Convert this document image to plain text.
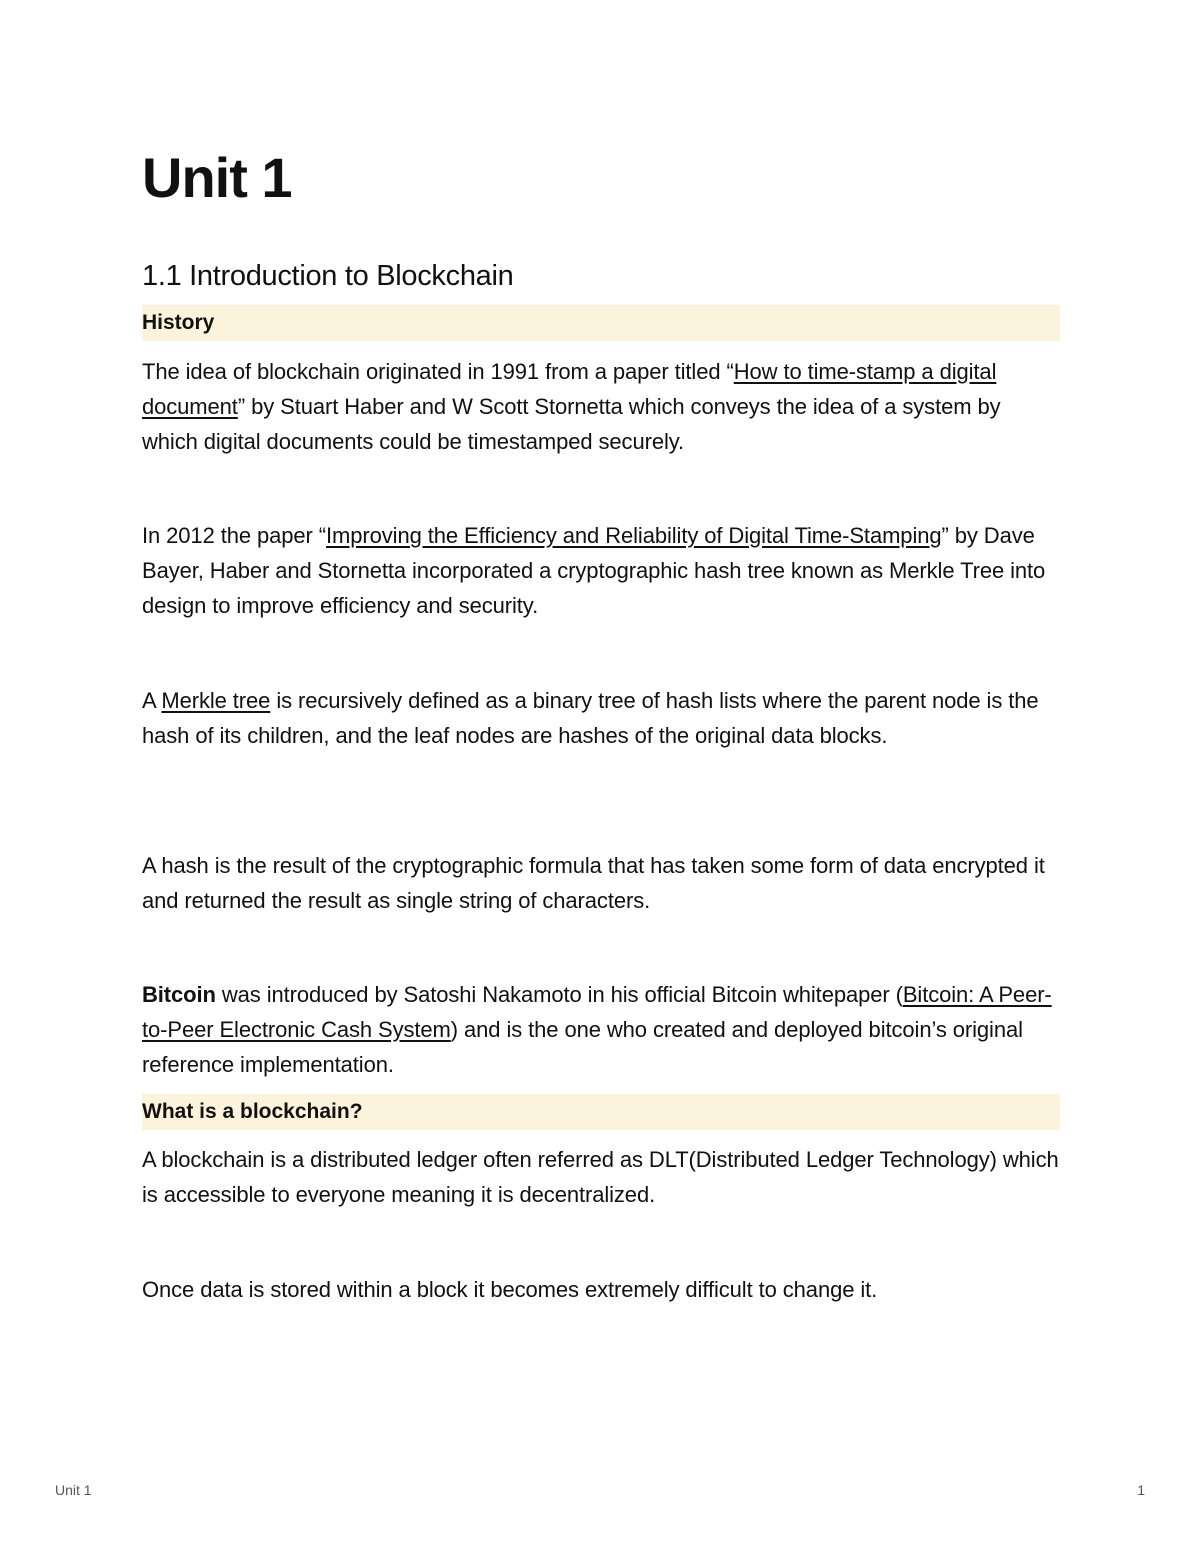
Unit 1
1.1 Introduction to Blockchain
History

The idea of blockchain originated in 1991 from a paper titled “How to time-stamp a digital document” by Stuart Haber and W Scott Stornetta which conveys the idea of a system by which digital documents could be timestamped securely.

In 2012 the paper “Improving the Efficiency and Reliability of Digital Time-Stamping” by Dave Bayer, Haber and Stornetta incorporated a cryptographic hash tree known as Merkle Tree into design to improve efficiency and security.

A Merkle tree is recursively defined as a binary tree of hash lists where the parent node is the hash of its children, and the leaf nodes are hashes of the original data blocks.

A hash is the result of the cryptographic formula that has taken some form of data encrypted it and returned the result as single string of characters.

Bitcoin was introduced by Satoshi Nakamoto in his official Bitcoin whitepaper (Bitcoin: A Peer-to-Peer Electronic Cash System) and is the one who created and deployed bitcoin’s original reference implementation.

What is a blockchain?

A blockchain is a distributed ledger often referred as DLT(Distributed Ledger Technology) which is accessible to everyone meaning it is decentralized.

Once data is stored within a block it becomes extremely difficult to change it.

Unit 1	1
